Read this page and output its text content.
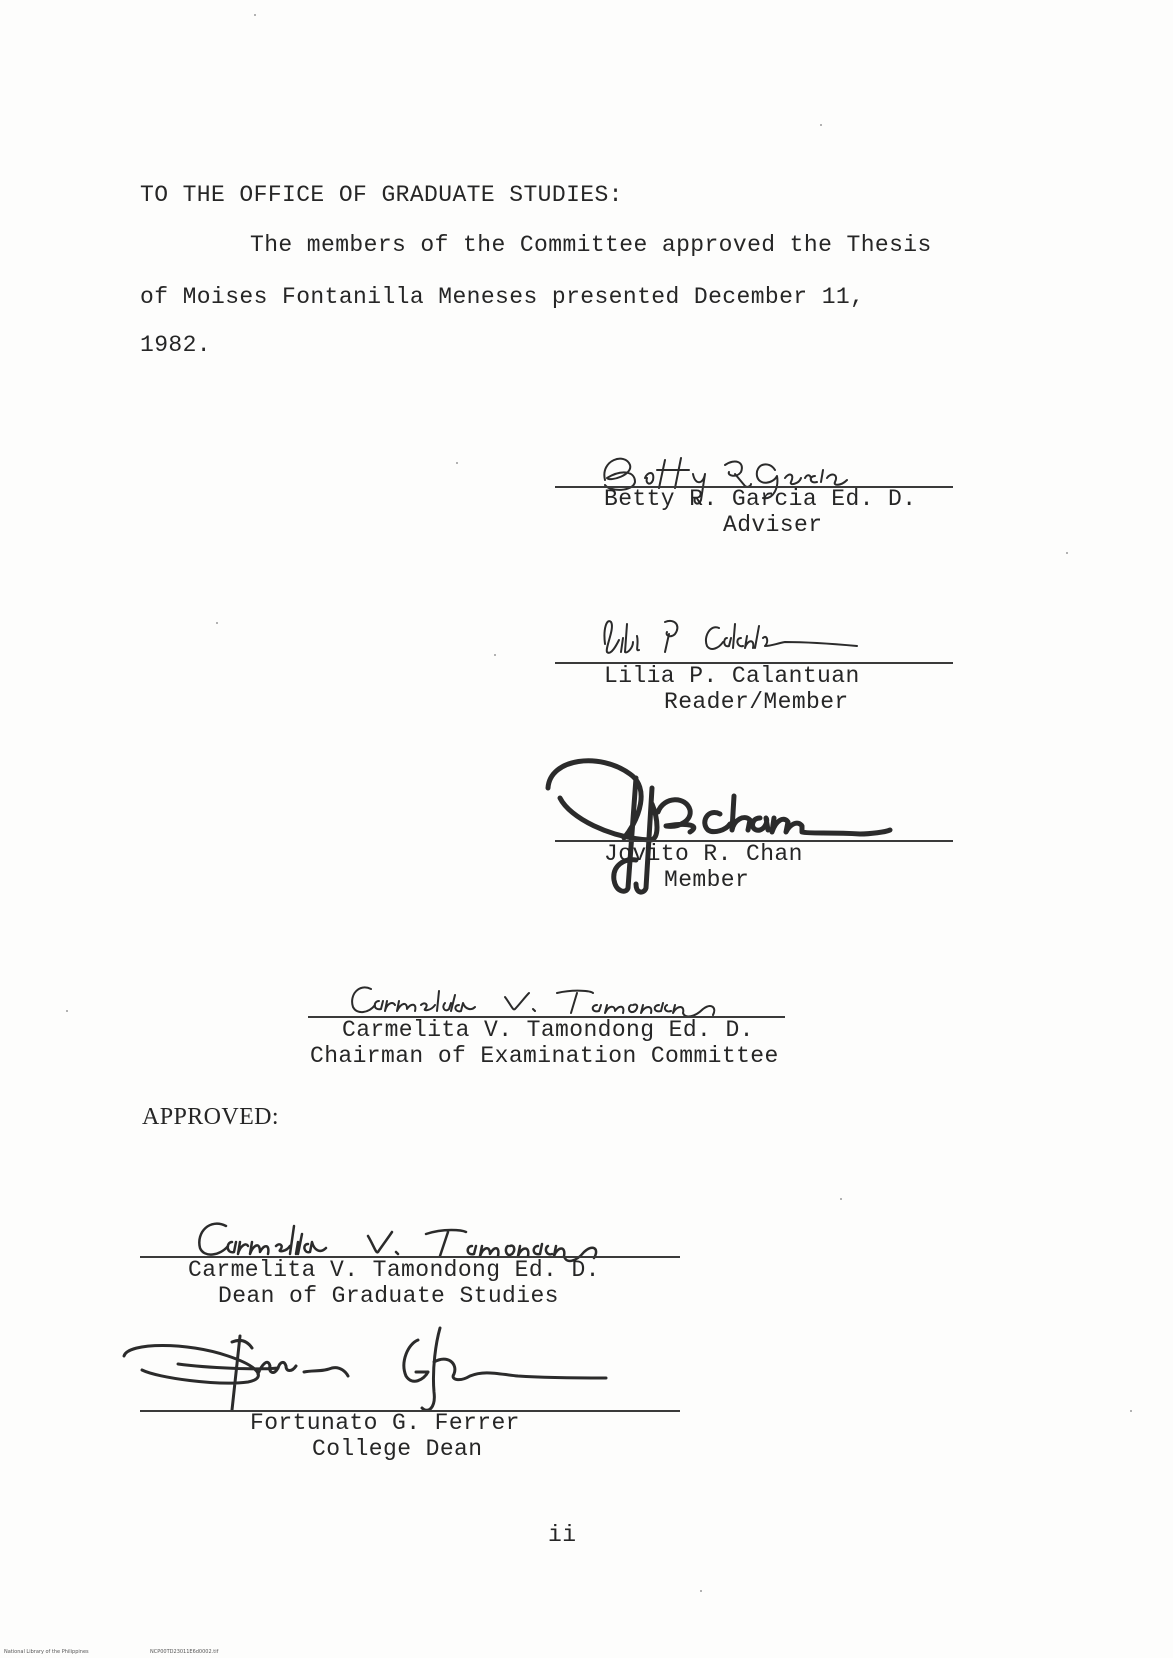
TO THE OFFICE OF GRADUATE STUDIES:
The members of the Committee approved the Thesis
of Moises Fontanilla Meneses presented December 11,
1982.
Betty R. Garcia Ed. D.
Adviser
Lilia P. Calantuan
Reader/Member
Jovito R. Chan
Member
Carmelita V. Tamondong Ed. D.
Chairman of Examination Committee
APPROVED:
Carmelita V. Tamondong Ed. D.
Dean of Graduate Studies
Fortunato G. Ferrer
College Dean
ii
National Library of the Philippines	NCP00TD23011E6d0002.tif
